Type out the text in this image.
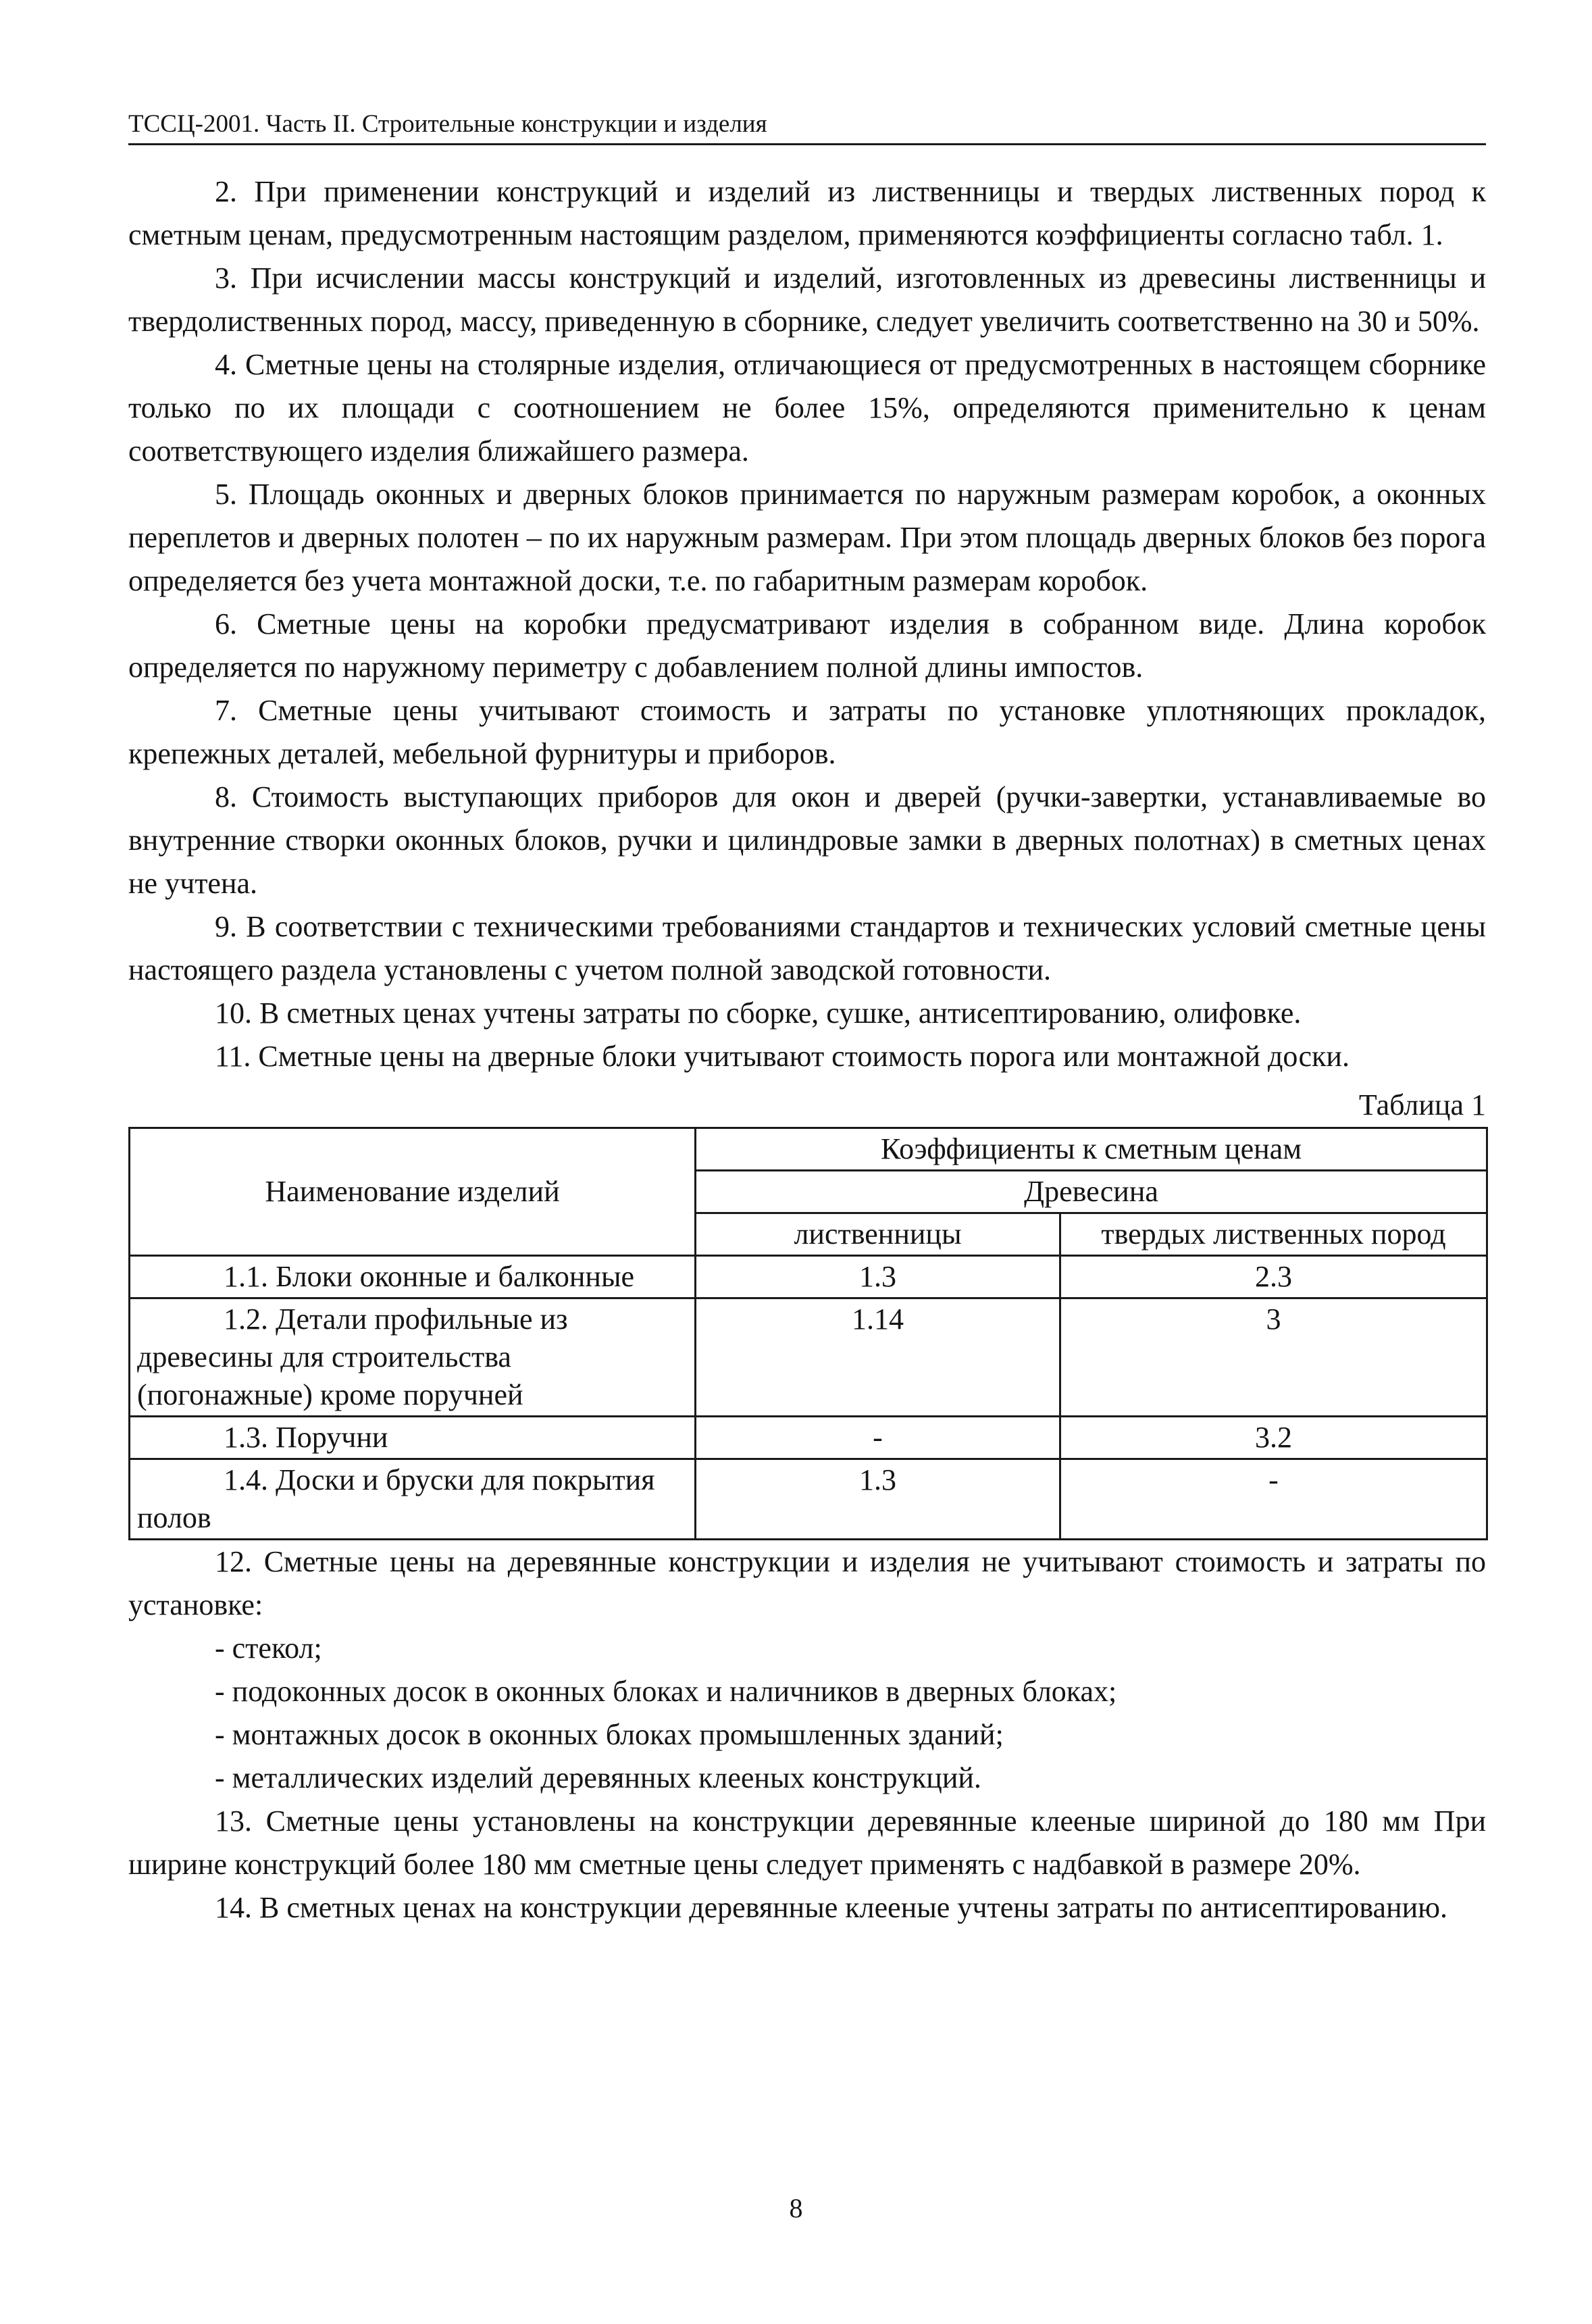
ТССЦ-2001. Часть II. Строительные конструкции и изделия

2. При применении конструкций и изделий из лиственницы и твердых лиственных пород к сметным ценам, предусмотренным настоящим разделом, применяются коэффициенты согласно табл. 1.

3. При исчислении массы конструкций и изделий, изготовленных из древесины лиственницы и твердолиственных пород, массу, приведенную в сборнике, следует увеличить соответственно на 30 и 50%.

4. Сметные цены на столярные изделия, отличающиеся от предусмотренных в настоящем сборнике только по их площади с соотношением не более 15%, определяются применительно к ценам соответствующего изделия ближайшего размера.

5. Площадь оконных и дверных блоков принимается по наружным размерам коробок, а оконных переплетов и дверных полотен – по их наружным размерам. При этом площадь дверных блоков без порога определяется без учета монтажной доски, т.е. по габаритным размерам коробок.

6. Сметные цены на коробки предусматривают изделия в собранном виде. Длина коробок определяется по наружному периметру с добавлением полной длины импостов.

7. Сметные цены учитывают стоимость и затраты по установке уплотняющих прокладок, крепежных деталей, мебельной фурнитуры и приборов.

8. Стоимость выступающих приборов для окон и дверей (ручки-завертки, устанавливаемые во внутренние створки оконных блоков, ручки и цилиндровые замки в дверных полотнах) в сметных ценах не учтена.

9. В соответствии с техническими требованиями стандартов и технических условий сметные цены настоящего раздела установлены с учетом полной заводской готовности.

10. В сметных ценах учтены затраты по сборке, сушке, антисептированию, олифовке.

11. Сметные цены на дверные блоки учитывают стоимость порога или монтажной доски.

Таблица 1
Наименование изделий	Коэффициенты к сметным ценам	
	Древесина	
	лиственницы	твердых лиственных пород
1.1. Блоки оконные и балконные	1.3	2.3
1.2. Детали профильные из древесины для строительства (погонажные) кроме поручней	1.14	3
1.3. Поручни	-	3.2
1.4. Доски и бруски для покрытия полов	1.3	-

12. Сметные цены на деревянные конструкции и изделия не учитывают стоимость и затраты по установке:

- стекол;
- подоконных досок в оконных блоках и наличников в дверных блоках;
- монтажных досок в оконных блоках промышленных зданий;
- металлических изделий деревянных клееных конструкций.

13. Сметные цены установлены на конструкции деревянные клееные шириной до 180 мм При ширине конструкций более 180 мм сметные цены следует применять с надбавкой в размере 20%.

14. В сметных ценах на конструкции деревянные клееные учтены затраты по антисептированию.

8
